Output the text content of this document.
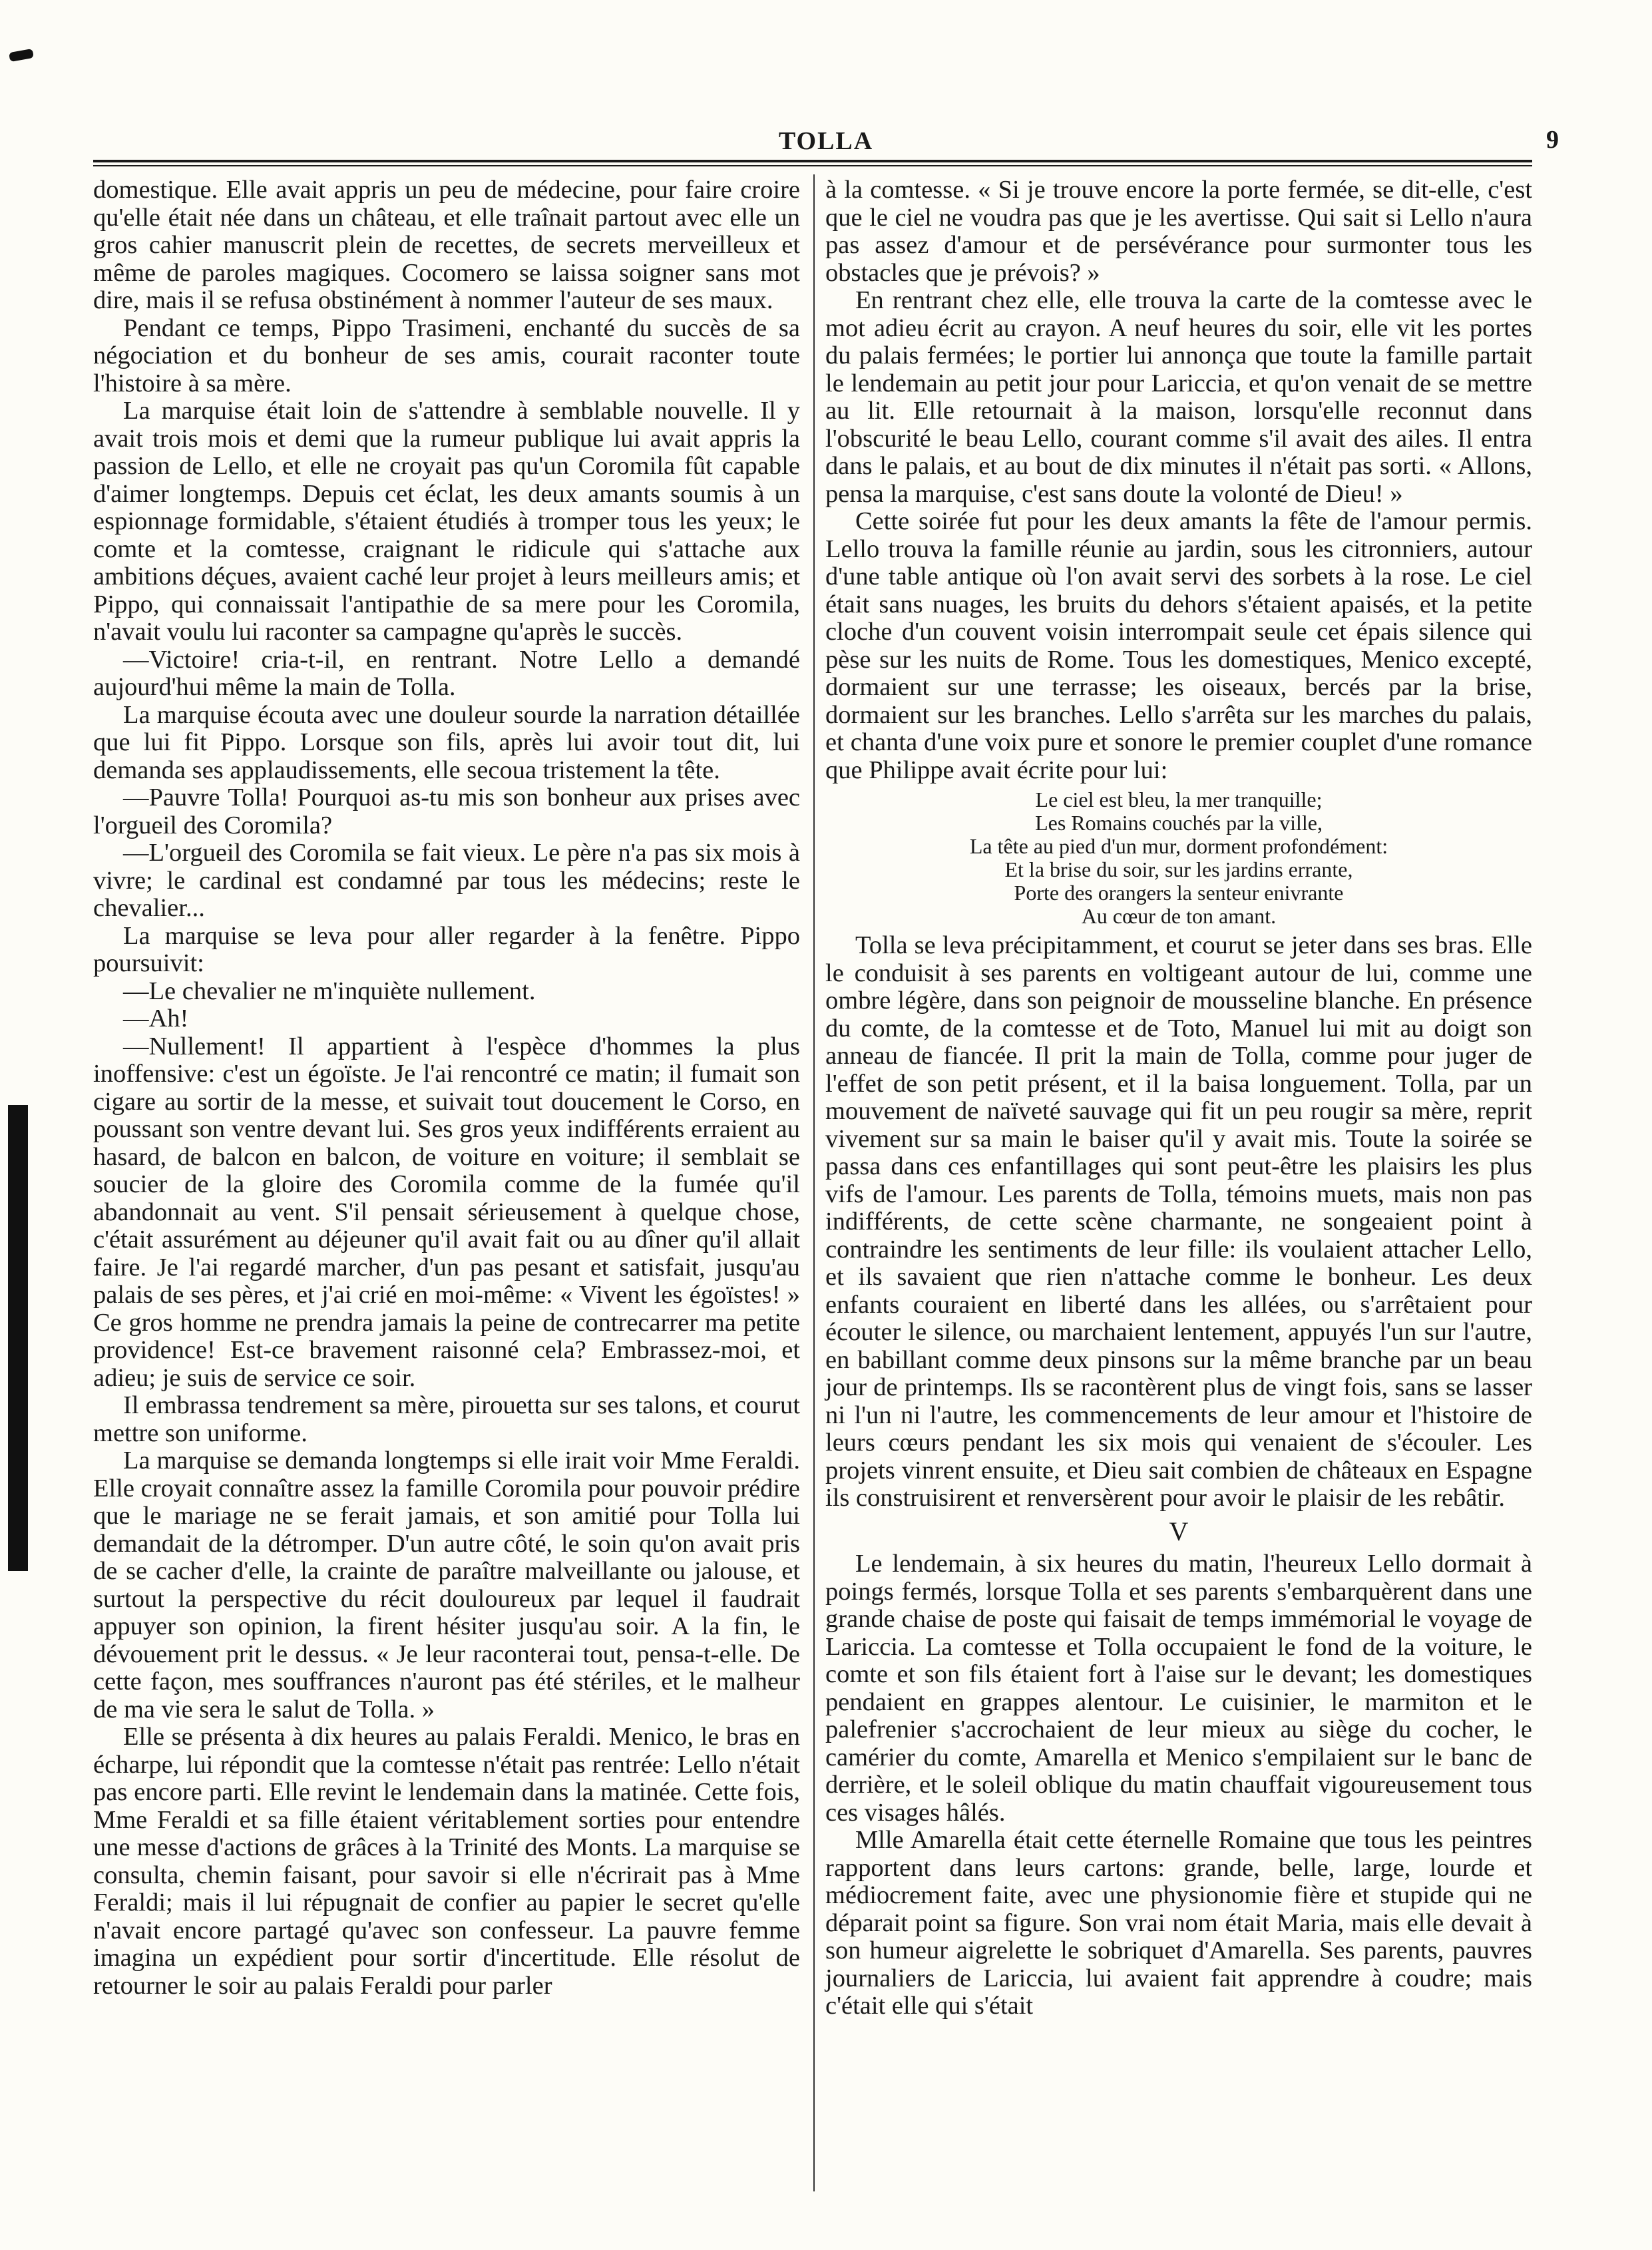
TOLLA	9

domestique. Elle avait appris un peu de médecine, pour faire croire qu'elle était née dans un château, et elle traînait partout avec elle un gros cahier manuscrit plein de recettes, de secrets merveilleux et même de paroles magiques. Cocomero se laissa soigner sans mot dire, mais il se refusa obstinément à nommer l'auteur de ses maux.

Pendant ce temps, Pippo Trasimeni, enchanté du succès de sa négociation et du bonheur de ses amis, courait raconter toute l'histoire à sa mère.

La marquise était loin de s'attendre à semblable nouvelle. Il y avait trois mois et demi que la rumeur publique lui avait appris la passion de Lello, et elle ne croyait pas qu'un Coromila fût capable d'aimer longtemps. Depuis cet éclat, les deux amants soumis à un espionnage formidable, s'étaient étudiés à tromper tous les yeux; le comte et la comtesse, craignant le ridicule qui s'attache aux ambitions déçues, avaient caché leur projet à leurs meilleurs amis; et Pippo, qui connaissait l'antipathie de sa mere pour les Coromila, n'avait voulu lui raconter sa campagne qu'après le succès.

—Victoire! cria-t-il, en rentrant. Notre Lello a demandé aujourd'hui même la main de Tolla.

La marquise écouta avec une douleur sourde la narration détaillée que lui fit Pippo. Lorsque son fils, après lui avoir tout dit, lui demanda ses applaudissements, elle secoua tristement la tête.

—Pauvre Tolla! Pourquoi as-tu mis son bonheur aux prises avec l'orgueil des Coromila?

—L'orgueil des Coromila se fait vieux. Le père n'a pas six mois à vivre; le cardinal est condamné par tous les médecins; reste le chevalier...

La marquise se leva pour aller regarder à la fenêtre. Pippo poursuivit:

—Le chevalier ne m'inquiète nullement.

—Ah!

—Nullement! Il appartient à l'espèce d'hommes la plus inoffensive: c'est un égoïste. Je l'ai rencontré ce matin; il fumait son cigare au sortir de la messe, et suivait tout doucement le Corso, en poussant son ventre devant lui. Ses gros yeux indifférents erraient au hasard, de balcon en balcon, de voiture en voiture; il semblait se soucier de la gloire des Coromila comme de la fumée qu'il abandonnait au vent. S'il pensait sérieusement à quelque chose, c'était assurément au déjeuner qu'il avait fait ou au dîner qu'il allait faire. Je l'ai regardé marcher, d'un pas pesant et satisfait, jusqu'au palais de ses pères, et j'ai crié en moi-même: « Vivent les égoïstes! » Ce gros homme ne prendra jamais la peine de contrecarrer ma petite providence! Est-ce bravement raisonné cela? Embrassez-moi, et adieu; je suis de service ce soir.

Il embrassa tendrement sa mère, pirouetta sur ses talons, et courut mettre son uniforme.

La marquise se demanda longtemps si elle irait voir Mme Feraldi. Elle croyait connaître assez la famille Coromila pour pouvoir prédire que le mariage ne se ferait jamais, et son amitié pour Tolla lui demandait de la détromper. D'un autre côté, le soin qu'on avait pris de se cacher d'elle, la crainte de paraître malveillante ou jalouse, et surtout la perspective du récit douloureux par lequel il faudrait appuyer son opinion, la firent hésiter jusqu'au soir. A la fin, le dévouement prit le dessus. « Je leur raconterai tout, pensa-t-elle. De cette façon, mes souffrances n'auront pas été stériles, et le malheur de ma vie sera le salut de Tolla. »

Elle se présenta à dix heures au palais Feraldi. Menico, le bras en écharpe, lui répondit que la comtesse n'était pas rentrée: Lello n'était pas encore parti. Elle revint le lendemain dans la matinée. Cette fois, Mme Feraldi et sa fille étaient véritablement sorties pour entendre une messe d'actions de grâces à la Trinité des Monts. La marquise se consulta, chemin faisant, pour savoir si elle n'écrirait pas à Mme Feraldi; mais il lui répugnait de confier au papier le secret qu'elle n'avait encore partagé qu'avec son confesseur. La pauvre femme imagina un expédient pour sortir d'incertitude. Elle résolut de retourner le soir au palais Feraldi pour parler

à la comtesse. « Si je trouve encore la porte fermée, se dit-elle, c'est que le ciel ne voudra pas que je les avertisse. Qui sait si Lello n'aura pas assez d'amour et de persévérance pour surmonter tous les obstacles que je prévois? »

En rentrant chez elle, elle trouva la carte de la comtesse avec le mot adieu écrit au crayon. A neuf heures du soir, elle vit les portes du palais fermées; le portier lui annonça que toute la famille partait le lendemain au petit jour pour Lariccia, et qu'on venait de se mettre au lit. Elle retournait à la maison, lorsqu'elle reconnut dans l'obscurité le beau Lello, courant comme s'il avait des ailes. Il entra dans le palais, et au bout de dix minutes il n'était pas sorti. « Allons, pensa la marquise, c'est sans doute la volonté de Dieu! »

Cette soirée fut pour les deux amants la fête de l'amour permis. Lello trouva la famille réunie au jardin, sous les citronniers, autour d'une table antique où l'on avait servi des sorbets à la rose. Le ciel était sans nuages, les bruits du dehors s'étaient apaisés, et la petite cloche d'un couvent voisin interrompait seule cet épais silence qui pèse sur les nuits de Rome. Tous les domestiques, Menico excepté, dormaient sur une terrasse; les oiseaux, bercés par la brise, dormaient sur les branches. Lello s'arrêta sur les marches du palais, et chanta d'une voix pure et sonore le premier couplet d'une romance que Philippe avait écrite pour lui:

Le ciel est bleu, la mer tranquille;
Les Romains couchés par la ville,
La tête au pied d'un mur, dorment profondément:
Et la brise du soir, sur les jardins errante,
Porte des orangers la senteur enivrante
Au cœur de ton amant.

Tolla se leva précipitamment, et courut se jeter dans ses bras. Elle le conduisit à ses parents en voltigeant autour de lui, comme une ombre légère, dans son peignoir de mousseline blanche. En présence du comte, de la comtesse et de Toto, Manuel lui mit au doigt son anneau de fiancée. Il prit la main de Tolla, comme pour juger de l'effet de son petit présent, et il la baisa longuement. Tolla, par un mouvement de naïveté sauvage qui fit un peu rougir sa mère, reprit vivement sur sa main le baiser qu'il y avait mis. Toute la soirée se passa dans ces enfantillages qui sont peut-être les plaisirs les plus vifs de l'amour. Les parents de Tolla, témoins muets, mais non pas indifférents, de cette scène charmante, ne songeaient point à contraindre les sentiments de leur fille: ils voulaient attacher Lello, et ils savaient que rien n'attache comme le bonheur. Les deux enfants couraient en liberté dans les allées, ou s'arrêtaient pour écouter le silence, ou marchaient lentement, appuyés l'un sur l'autre, en babillant comme deux pinsons sur la même branche par un beau jour de printemps. Ils se racontèrent plus de vingt fois, sans se lasser ni l'un ni l'autre, les commencements de leur amour et l'histoire de leurs cœurs pendant les six mois qui venaient de s'écouler. Les projets vinrent ensuite, et Dieu sait combien de châteaux en Espagne ils construisirent et renversèrent pour avoir le plaisir de les rebâtir.

V

Le lendemain, à six heures du matin, l'heureux Lello dormait à poings fermés, lorsque Tolla et ses parents s'embarquèrent dans une grande chaise de poste qui faisait de temps immémorial le voyage de Lariccia. La comtesse et Tolla occupaient le fond de la voiture, le comte et son fils étaient fort à l'aise sur le devant; les domestiques pendaient en grappes alentour. Le cuisinier, le marmiton et le palefrenier s'accrochaient de leur mieux au siège du cocher, le camérier du comte, Amarella et Menico s'empilaient sur le banc de derrière, et le soleil oblique du matin chauffait vigoureusement tous ces visages hâlés.

Mlle Amarella était cette éternelle Romaine que tous les peintres rapportent dans leurs cartons: grande, belle, large, lourde et médiocrement faite, avec une physionomie fière et stupide qui ne déparait point sa figure. Son vrai nom était Maria, mais elle devait à son humeur aigrelette le sobriquet d'Amarella. Ses parents, pauvres journaliers de Lariccia, lui avaient fait apprendre à coudre; mais c'était elle qui s'était
